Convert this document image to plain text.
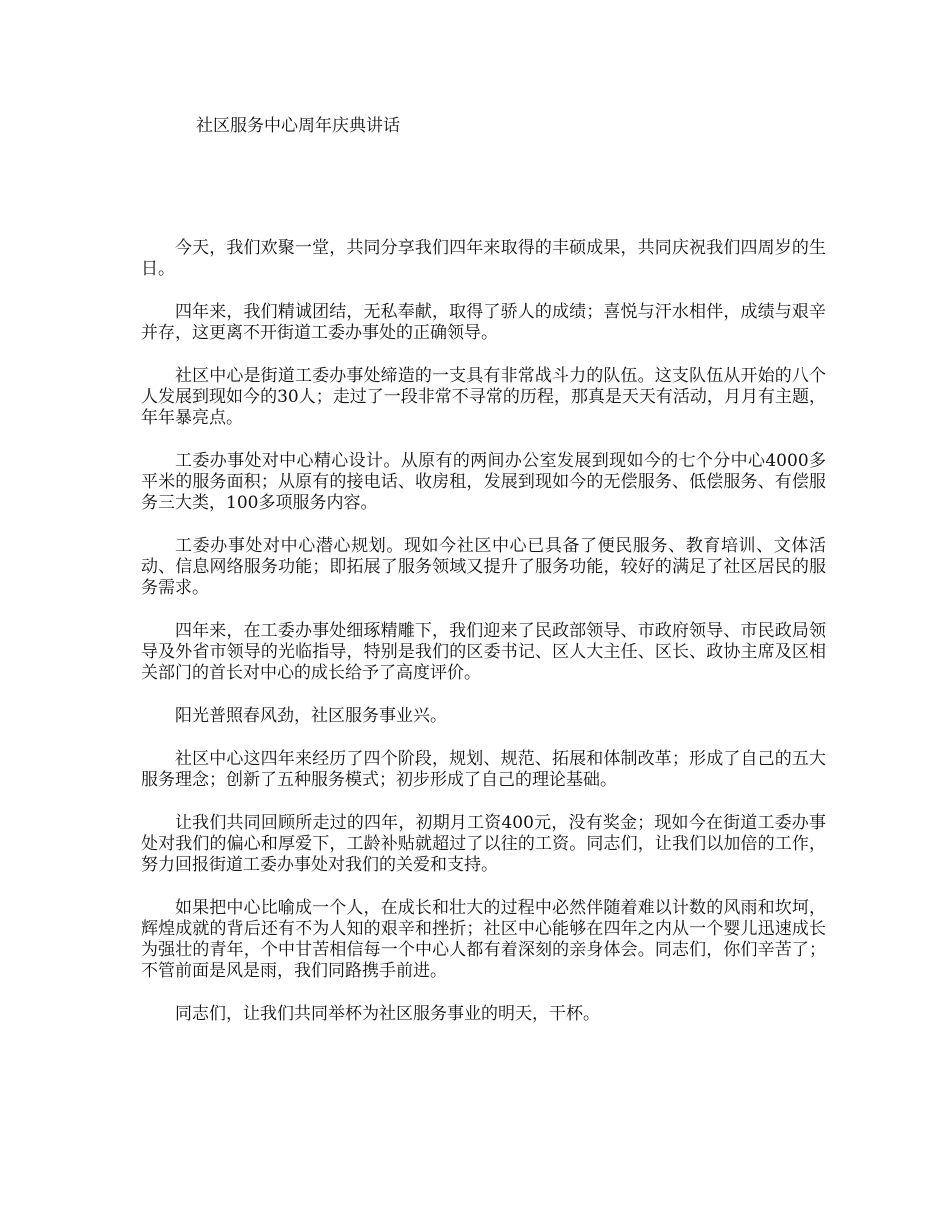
社区服务中心周年庆典讲话

今天，我们欢聚一堂，共同分享我们四年来取得的丰硕成果，共同庆祝我们四周岁的生日。

四年来，我们精诚团结，无私奉献，取得了骄人的成绩；喜悦与汗水相伴，成绩与艰辛并存，这更离不开街道工委办事处的正确领导。

社区中心是街道工委办事处缔造的一支具有非常战斗力的队伍。这支队伍从开始的八个人发展到现如今的30人；走过了一段非常不寻常的历程，那真是天天有活动，月月有主题，年年暴亮点。

工委办事处对中心精心设计。从原有的两间办公室发展到现如今的七个分中心4000多平米的服务面积；从原有的接电话、收房租，发展到现如今的无偿服务、低偿服务、有偿服务三大类，100多项服务内容。

工委办事处对中心潜心规划。现如今社区中心已具备了便民服务、教育培训、文体活动、信息网络服务功能；即拓展了服务领域又提升了服务功能，较好的满足了社区居民的服务需求。

四年来，在工委办事处细琢精雕下，我们迎来了民政部领导、市政府领导、市民政局领导及外省市领导的光临指导，特别是我们的区委书记、区人大主任、区长、政协主席及区相关部门的首长对中心的成长给予了高度评价。

阳光普照春风劲，社区服务事业兴。

社区中心这四年来经历了四个阶段，规划、规范、拓展和体制改革；形成了自己的五大服务理念；创新了五种服务模式；初步形成了自己的理论基础。

让我们共同回顾所走过的四年，初期月工资400元，没有奖金；现如今在街道工委办事处对我们的偏心和厚爱下，工龄补贴就超过了以往的工资。同志们，让我们以加倍的工作，努力回报街道工委办事处对我们的关爱和支持。

如果把中心比喻成一个人，在成长和壮大的过程中必然伴随着难以计数的风雨和坎坷，辉煌成就的背后还有不为人知的艰辛和挫折；社区中心能够在四年之内从一个婴儿迅速成长为强壮的青年，个中甘苦相信每一个中心人都有着深刻的亲身体会。同志们，你们辛苦了；不管前面是风是雨，我们同路携手前进。

同志们，让我们共同举杯为社区服务事业的明天，干杯。
